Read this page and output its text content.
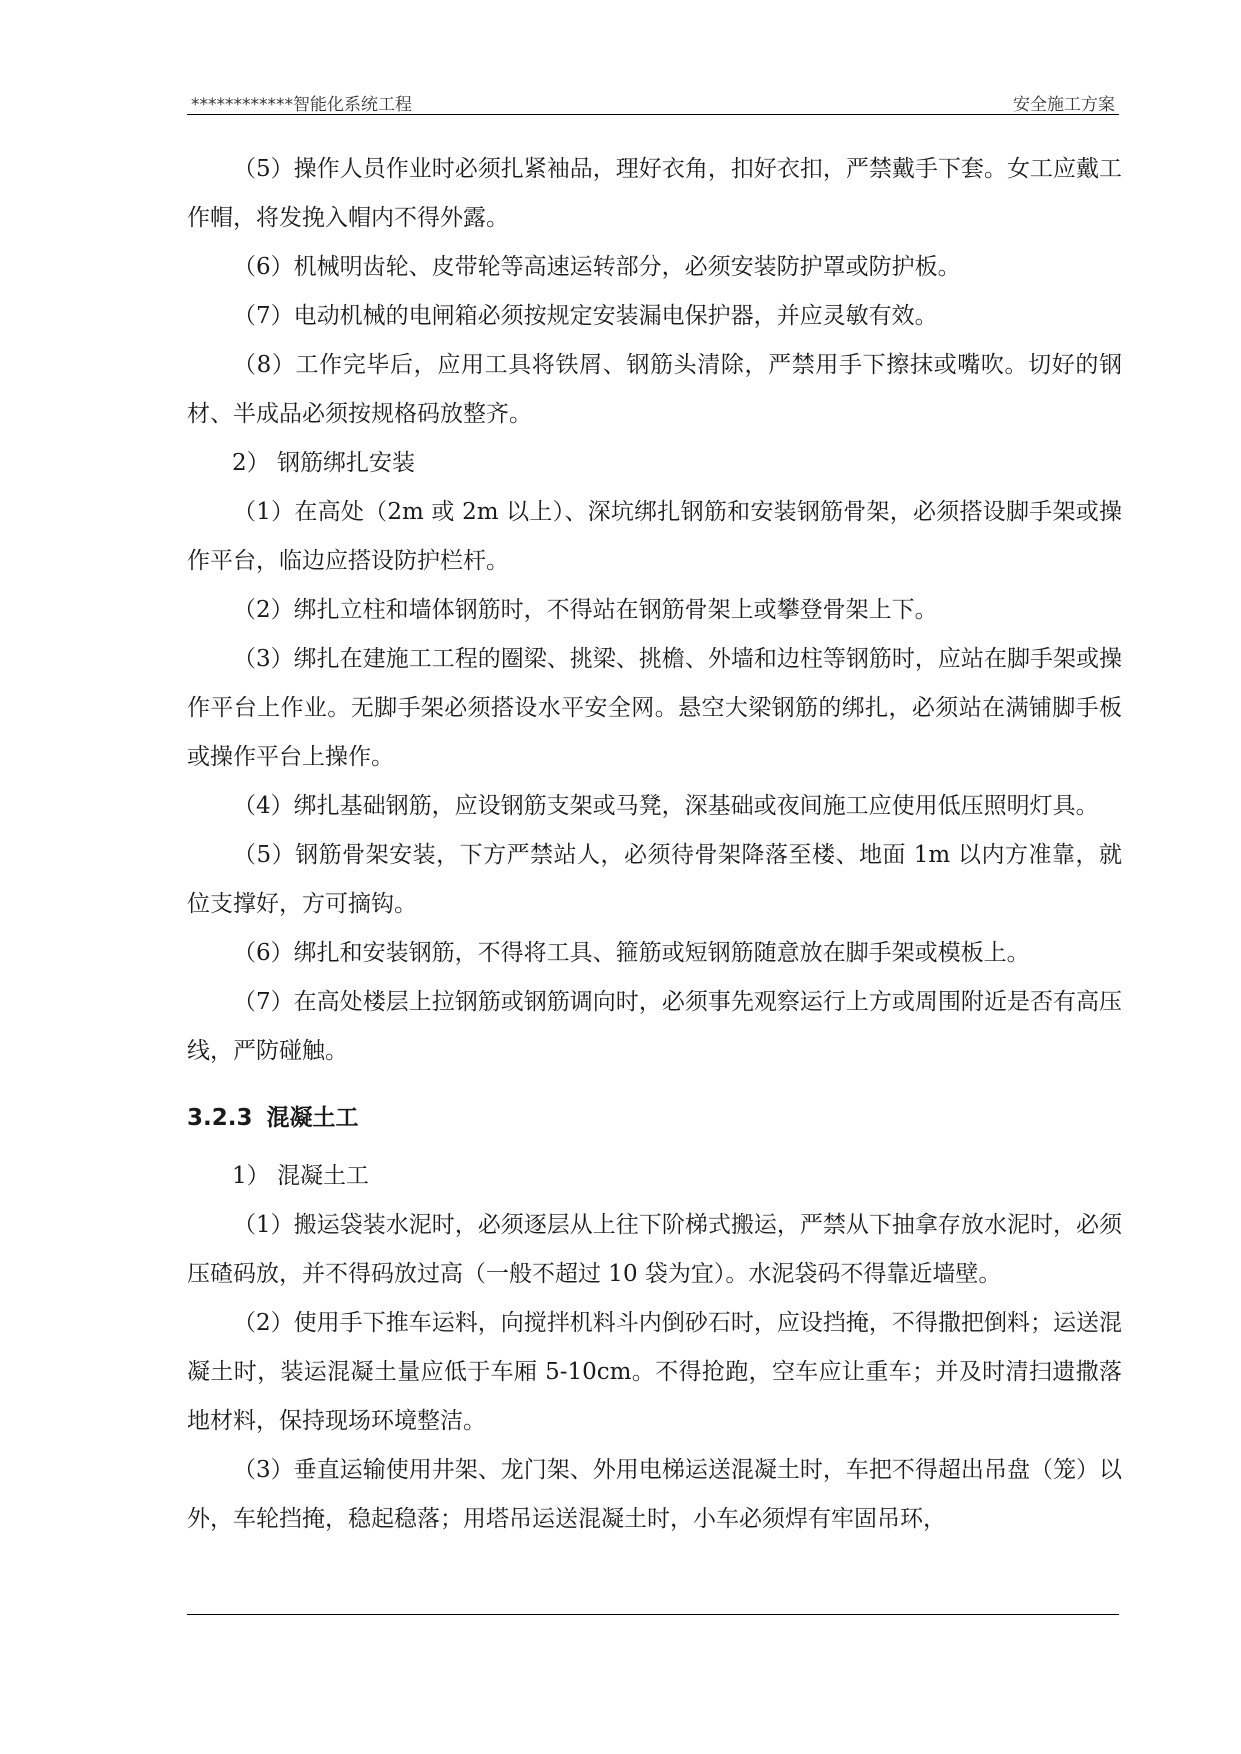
************智能化系统工程	安全施工方案

（5）操作人员作业时必须扎紧袖品，理好衣角，扣好衣扣，严禁戴手下套。女工应戴工作帽，将发挽入帽内不得外露。

（6）机械明齿轮、皮带轮等高速运转部分，必须安装防护罩或防护板。

（7）电动机械的电闸箱必须按规定安装漏电保护器，并应灵敏有效。

（8）工作完毕后，应用工具将铁屑、钢筋头清除，严禁用手下擦抹或嘴吹。切好的钢材、半成品必须按规格码放整齐。

2） 钢筋绑扎安装

（1）在高处（2m 或 2m 以上）、深坑绑扎钢筋和安装钢筋骨架，必须搭设脚手架或操作平台，临边应搭设防护栏杆。

（2）绑扎立柱和墙体钢筋时，不得站在钢筋骨架上或攀登骨架上下。

（3）绑扎在建施工工程的圈梁、挑梁、挑檐、外墙和边柱等钢筋时，应站在脚手架或操作平台上作业。无脚手架必须搭设水平安全网。悬空大梁钢筋的绑扎，必须站在满铺脚手板或操作平台上操作。

（4）绑扎基础钢筋，应设钢筋支架或马凳，深基础或夜间施工应使用低压照明灯具。

（5）钢筋骨架安装，下方严禁站人，必须待骨架降落至楼、地面 1m 以内方准靠，就位支撑好，方可摘钩。

（6）绑扎和安装钢筋，不得将工具、箍筋或短钢筋随意放在脚手架或模板上。

（7）在高处楼层上拉钢筋或钢筋调向时，必须事先观察运行上方或周围附近是否有高压线，严防碰触。

3.2.3 混凝土工

1） 混凝土工

（1）搬运袋装水泥时，必须逐层从上往下阶梯式搬运，严禁从下抽拿存放水泥时，必须压碴码放，并不得码放过高（一般不超过 10 袋为宜）。水泥袋码不得靠近墙壁。

（2）使用手下推车运料，向搅拌机料斗内倒砂石时，应设挡掩，不得撒把倒料；运送混凝土时，装运混凝土量应低于车厢 5-10cm。不得抢跑，空车应让重车；并及时清扫遗撒落地材料，保持现场环境整洁。

（3）垂直运输使用井架、龙门架、外用电梯运送混凝土时，车把不得超出吊盘（笼）以外，车轮挡掩，稳起稳落；用塔吊运送混凝土时，小车必须焊有牢固吊环，
